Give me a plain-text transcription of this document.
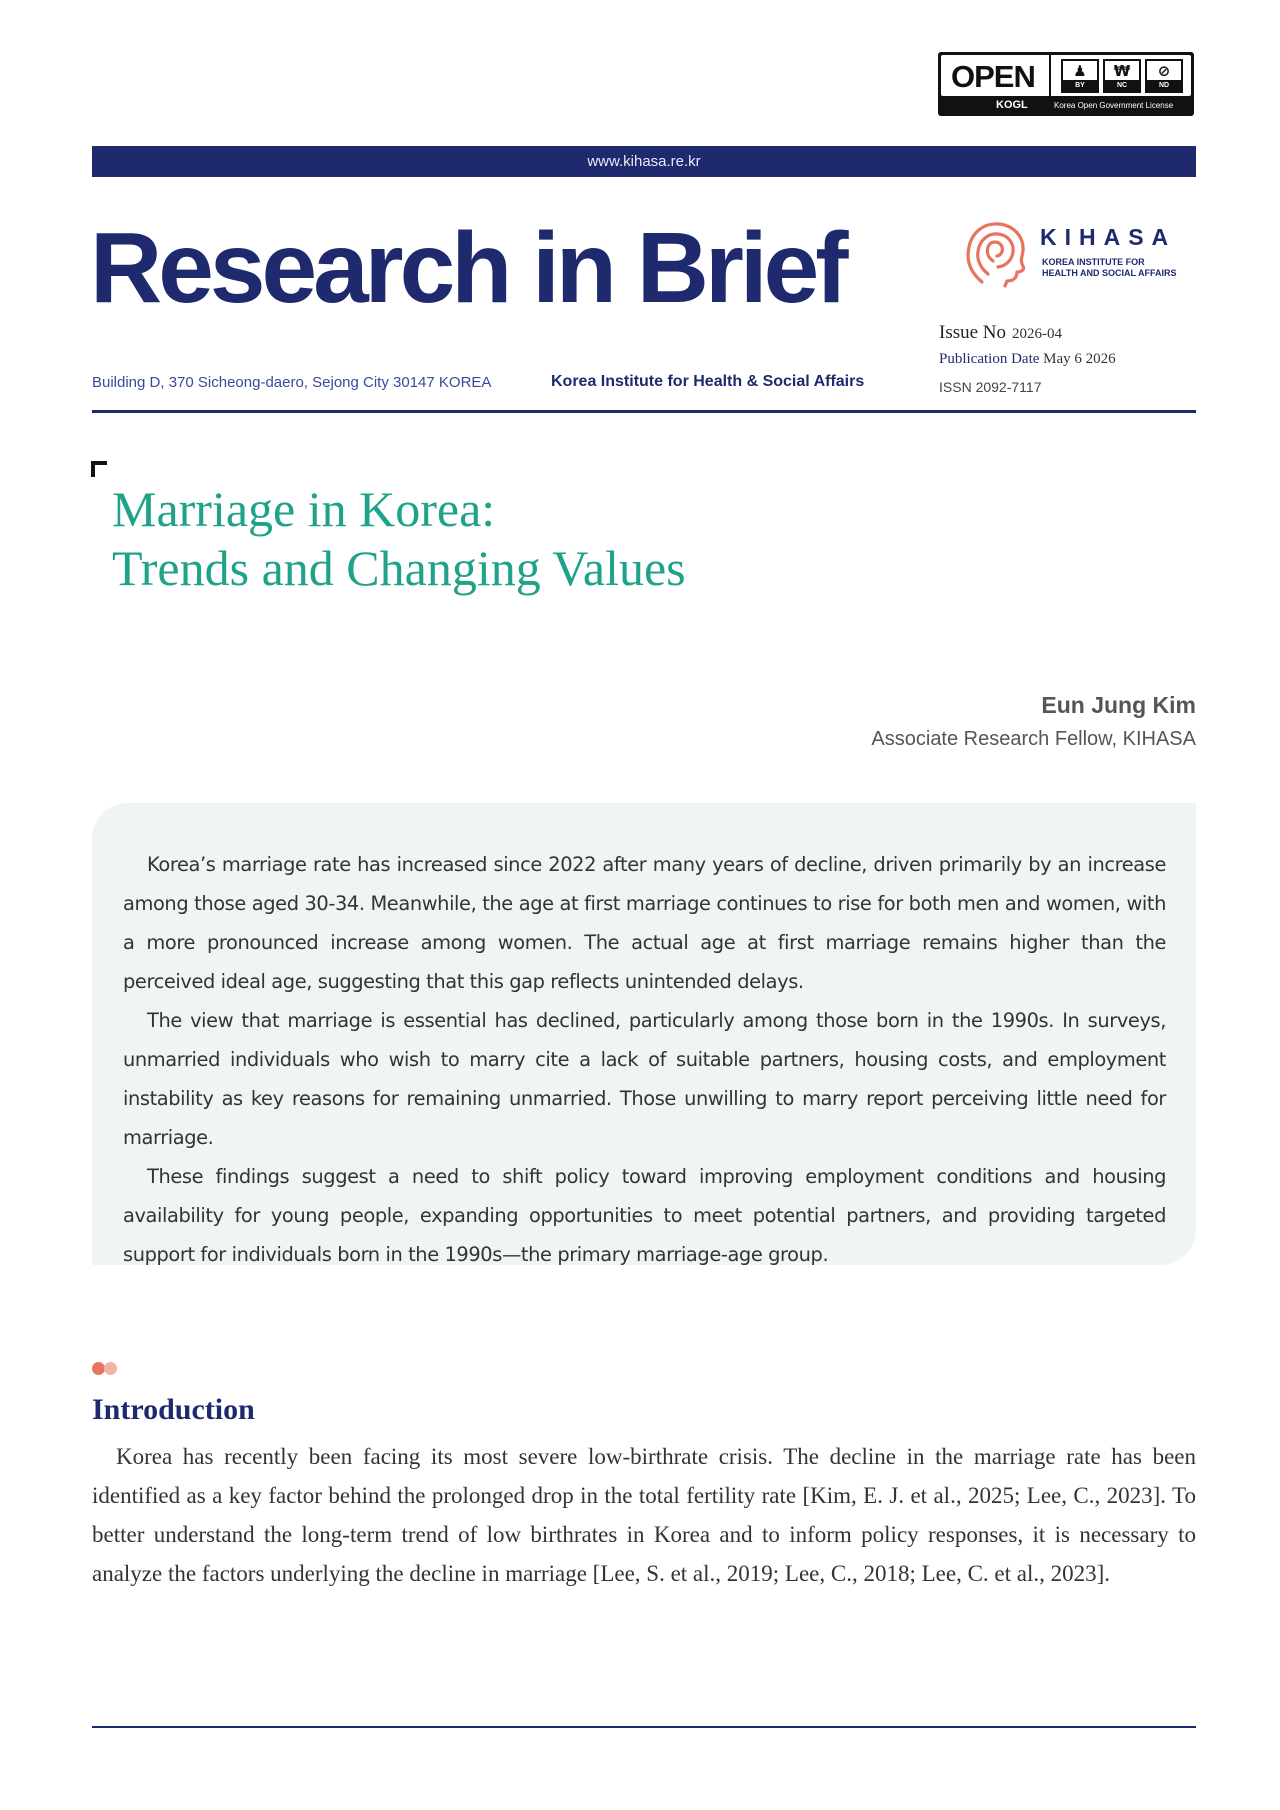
OPEN	♟
BY
₩
NC
⊘
ND
KOGL	Korea Open Government License
www.kihasa.re.kr
Research in Brief	KIHASA
KOREA INSTITUTE FOR
HEALTH AND SOCIAL AFFAIRS
Issue No 2026-04
Publication Date May 6 2026
ISSN 2092-7117
Building D, 370 Sicheong-daero, Sejong City 30147 KOREA	Korea Institute for Health & Social Affairs
Marriage in Korea:
Trends and Changing Values
Eun Jung Kim
Associate Research Fellow, KIHASA

Korea’s marriage rate has increased since 2022 after many years of decline, driven primarily by an increase among those aged 30-34. Meanwhile, the age at first marriage continues to rise for both men and women, with a more pronounced increase among women. The actual age at first marriage remains higher than the perceived ideal age, suggesting that this gap reflects unintended delays.

The view that marriage is essential has declined, particularly among those born in the 1990s. In surveys, unmarried individuals who wish to marry cite a lack of suitable partners, housing costs, and employment instability as key reasons for remaining unmarried. Those unwilling to marry report perceiving little need for marriage.

These findings suggest a need to shift policy toward improving employment conditions and housing availability for young people, expanding opportunities to meet potential partners, and providing targeted support for individuals born in the 1990s—the primary marriage-age group.

Introduction

Korea has recently been facing its most severe low-birthrate crisis. The decline in the marriage rate has been identified as a key factor behind the prolonged drop in the total fertility rate [Kim, E. J. et al., 2025; Lee, C., 2023]. To better understand the long-term trend of low birthrates in Korea and to inform policy responses, it is necessary to analyze the factors underlying the decline in marriage [Lee, S. et al., 2019; Lee, C., 2018; Lee, C. et al., 2023].
